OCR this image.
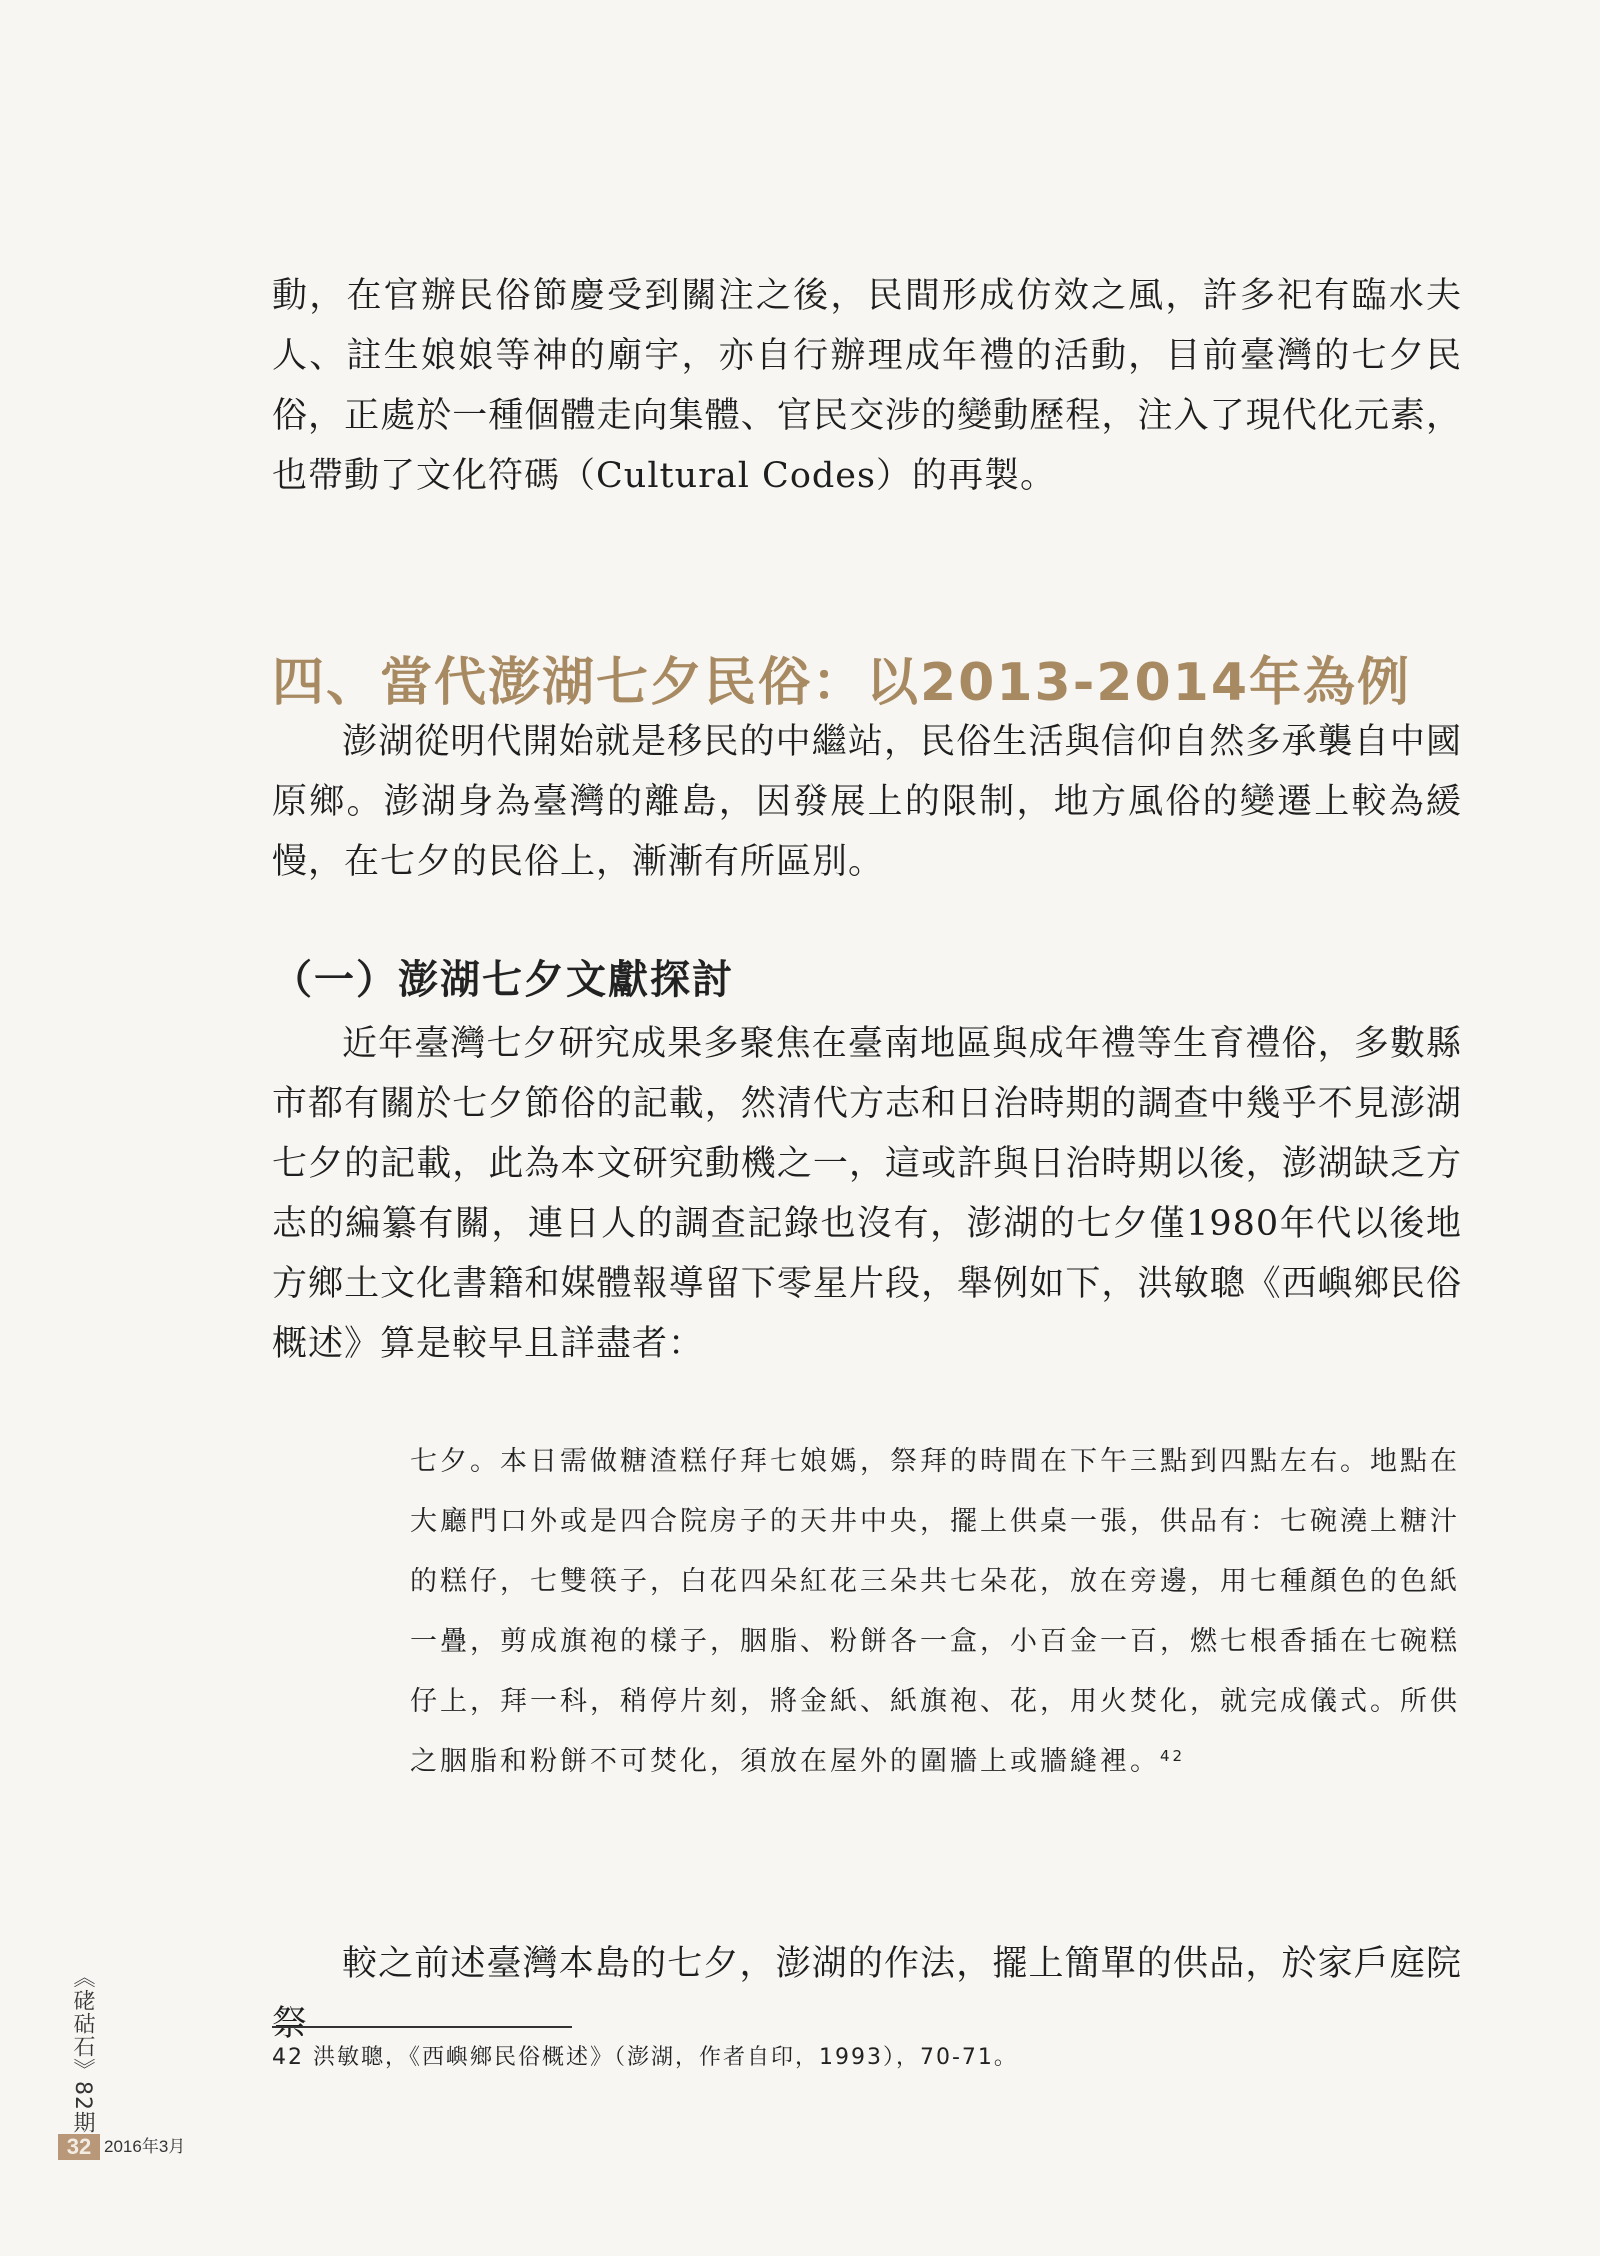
動，在官辦民俗節慶受到關注之後，民間形成仿效之風，許多祀有臨水夫人、註生娘娘等神的廟宇，亦自行辦理成年禮的活動，目前臺灣的七夕民俗，正處於一種個體走向集體、官民交涉的變動歷程，注入了現代化元素，也帶動了文化符碼（Cultural Codes）的再製。

四、當代澎湖七夕民俗：以2013-2014年為例

澎湖從明代開始就是移民的中繼站，民俗生活與信仰自然多承襲自中國原鄉。澎湖身為臺灣的離島，因發展上的限制，地方風俗的變遷上較為緩慢，在七夕的民俗上，漸漸有所區別。

（一）澎湖七夕文獻探討

近年臺灣七夕研究成果多聚焦在臺南地區與成年禮等生育禮俗，多數縣市都有關於七夕節俗的記載，然清代方志和日治時期的調查中幾乎不見澎湖七夕的記載，此為本文研究動機之一，這或許與日治時期以後，澎湖缺乏方志的編纂有關，連日人的調查記錄也沒有，澎湖的七夕僅1980年代以後地方鄉土文化書籍和媒體報導留下零星片段，舉例如下，洪敏聰《西嶼鄉民俗概述》算是較早且詳盡者：

七夕。本日需做糖渣糕仔拜七娘媽，祭拜的時間在下午三點到四點左右。地點在大廳門口外或是四合院房子的天井中央，擺上供桌一張，供品有：七碗澆上糖汁的糕仔，七雙筷子，白花四朵紅花三朵共七朵花，放在旁邊，用七種顏色的色紙一疊，剪成旗袍的樣子，胭脂、粉餅各一盒，小百金一百，燃七根香插在七碗糕仔上，拜一科，稍停片刻，將金紙、紙旗袍、花，用火焚化，就完成儀式。所供之胭脂和粉餅不可焚化，須放在屋外的圍牆上或牆縫裡。$^{42}$

較之前述臺灣本島的七夕，澎湖的作法，擺上簡單的供品，於家戶庭院祭

42 洪敏聰，《西嶼鄉民俗概述》（澎湖，作者自印，1993），70-71。

《硓𥑮石》82期
32 2016年3月
